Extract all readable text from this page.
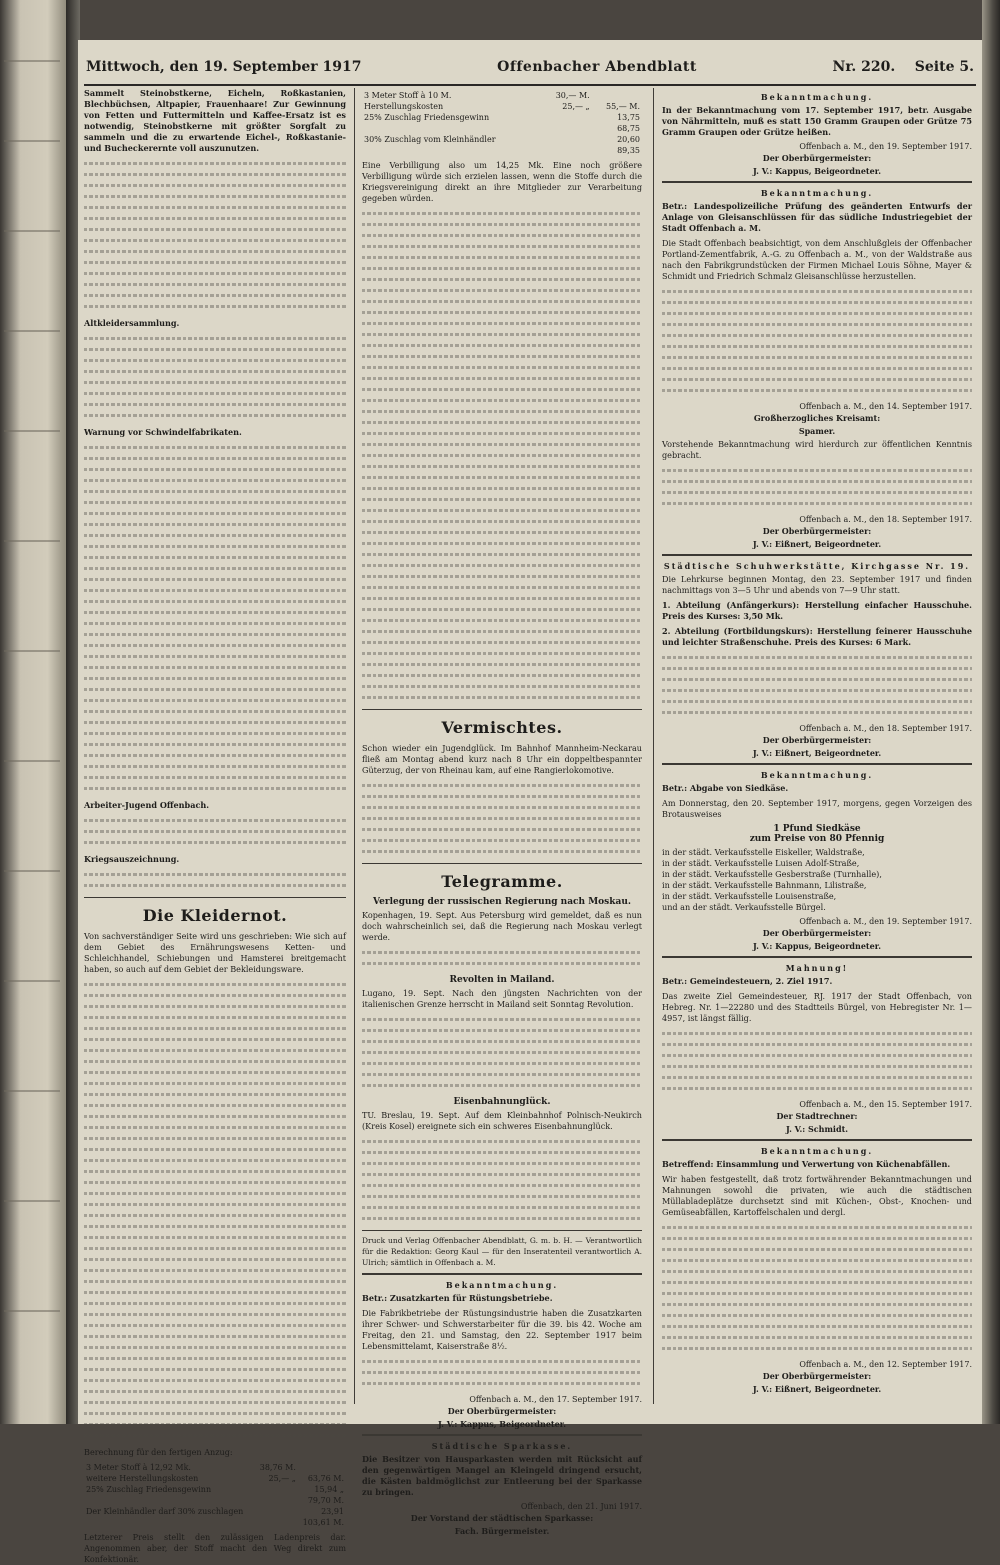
Mittwoch, den 19. September 1917	Offenbacher Abendblatt	Nr. 220. Seite 5.

Sammelt Steinobstkerne, Eicheln, Roßkastanien, Blechbüchsen, Altpapier, Frauenhaare! Zur Gewinnung von Fetten und Futtermitteln und Kaffee-Ersatz ist es notwendig, Steinobstkerne mit größter Sorgfalt zu sammeln und die zu erwartende Eichel-, Roßkastanie- und Bucheckerernte voll auszunutzen.

Altkleidersammlung.

Warnung vor Schwindelfabrikaten.

Arbeiter-Jugend Offenbach.

Kriegsauszeichnung.

Die Kleidernot.

Von sachverständiger Seite wird uns geschrieben: Wie sich auf dem Gebiet des Ernährungswesens Ketten- und Schleichhandel, Schiebungen und Hamsterei breitgemacht haben, so auch auf dem Gebiet der Bekleidungsware.

Berechnung für den fertigen Anzug:

3 Meter Stoff à 12,92 Mk.	38,76 M.	
weitere Herstellungskosten	25,— „	63,76 M.
25% Zuschlag Friedensgewinn		15,94 „
		79,70 M.
Der Kleinhändler darf 30% zuschlagen		23,91
		103,61 M.

Letzterer Preis stellt den zulässigen Ladenpreis dar. Angenommen aber, der Stoff macht den Weg direkt zum Konfektionär.

3 Meter Stoff à 10 M.	30,— M.	
Herstellungskosten	25,— „	55,— M.
25% Zuschlag Friedensgewinn		13,75
		68,75
30% Zuschlag vom Kleinhändler		20,60
		89,35

Eine Verbilligung also um 14,25 Mk. Eine noch größere Verbilligung würde sich erzielen lassen, wenn die Stoffe durch die Kriegsvereinigung direkt an ihre Mitglieder zur Verarbeitung gegeben würden.

Vermischtes.

Schon wieder ein Jugendglück. Im Bahnhof Mannheim-Neckarau fließ am Montag abend kurz nach 8 Uhr ein doppeltbespannter Güterzug, der von Rheinau kam, auf eine Rangierlokomotive.

Telegramme.
Verlegung der russischen Regierung nach Moskau.

Kopenhagen, 19. Sept. Aus Petersburg wird gemeldet, daß es nun doch wahrscheinlich sei, daß die Regierung nach Moskau verlegt werde.

Revolten in Mailand.

Lugano, 19. Sept. Nach den jüngsten Nachrichten von der italienischen Grenze herrscht in Mailand seit Sonntag Revolution.

Eisenbahnunglück.

TU. Breslau, 19. Sept. Auf dem Kleinbahnhof Polnisch-Neukirch (Kreis Kosel) ereignete sich ein schweres Eisenbahnunglück.

Druck und Verlag Offenbacher Abendblatt, G. m. b. H. — Verantwortlich für die Redaktion: Georg Kaul — für den Inseratenteil verantwortlich A. Ulrich; sämtlich in Offenbach a. M.

Bekanntmachung.

Betr.: Zusatzkarten für Rüstungsbetriebe.

Die Fabrikbetriebe der Rüstungsindustrie haben die Zusatzkarten ihrer Schwer- und Schwerstarbeiter für die 39. bis 42. Woche am Freitag, den 21. und Samstag, den 22. September 1917 beim Lebensmittelamt, Kaiserstraße 8½.

Offenbach a. M., den 17. September 1917.
Der Oberbürgermeister:
J. V.: Kappus, Beigeordneter.
Städtische Sparkasse.

Die Besitzer von Hausparkasten werden mit Rücksicht auf den gegenwärtigen Mangel an Kleingeld dringend ersucht, die Kästen baldmöglichst zur Entleerung bei der Sparkasse zu bringen.

Offenbach, den 21. Juni 1917.
Der Vorstand der städtischen Sparkasse:
Fach. Bürgermeister.
Bekanntmachung.

In der Bekanntmachung vom 17. September 1917, betr. Ausgabe von Nährmitteln, muß es statt 150 Gramm Graupen oder Grütze 75 Gramm Graupen oder Grütze heißen.

Offenbach a. M., den 19. September 1917.
Der Oberbürgermeister:
J. V.: Kappus, Beigeordneter.
Bekanntmachung.

Betr.: Landespolizeiliche Prüfung des geänderten Entwurfs der Anlage von Gleisanschlüssen für das südliche Industriegebiet der Stadt Offenbach a. M.

Die Stadt Offenbach beabsichtigt, von dem Anschlußgleis der Offenbacher Portland-Zementfabrik, A.-G. zu Offenbach a. M., von der Waldstraße aus nach den Fabrikgrundstücken der Firmen Michael Louis Söhne, Mayer & Schmidt und Friedrich Schmalz Gleisanschlüsse herzustellen.

Offenbach a. M., den 14. September 1917.
Großherzogliches Kreisamt:
Spamer.

Vorstehende Bekanntmachung wird hierdurch zur öffentlichen Kenntnis gebracht.

Offenbach a. M., den 18. September 1917.
Der Oberbürgermeister:
J. V.: Eißnert, Beigeordneter.
Städtische Schuhwerkstätte, Kirchgasse Nr. 19.

Die Lehrkurse beginnen Montag, den 23. September 1917 und finden nachmittags von 3—5 Uhr und abends von 7—9 Uhr statt.

1. Abteilung (Anfängerkurs): Herstellung einfacher Hausschuhe. Preis des Kurses: 3,50 Mk.

2. Abteilung (Fortbildungskurs): Herstellung feinerer Hausschuhe und leichter Straßenschuhe. Preis des Kurses: 6 Mark.

Offenbach a. M., den 18. September 1917.
Der Oberbürgermeister:
J. V.: Eißnert, Beigeordneter.
Bekanntmachung.

Betr.: Abgabe von Siedkäse.

Am Donnerstag, den 20. September 1917, morgens, gegen Vorzeigen des Brotausweises

1 Pfund Siedkäse
zum Preise von 80 Pfennig

in der städt. Verkaufsstelle Eiskeller, Waldstraße,

in der städt. Verkaufsstelle Luisen Adolf-Straße,

in der städt. Verkaufsstelle Gesberstraße (Turnhalle),

in der städt. Verkaufsstelle Bahnmann, Lilistraße,

in der städt. Verkaufsstelle Louisenstraße,

und an der städt. Verkaufsstelle Bürgel.

Offenbach a. M., den 19. September 1917.
Der Oberbürgermeister:
J. V.: Kappus, Beigeordneter.
Mahnung!

Betr.: Gemeindesteuern, 2. Ziel 1917.

Das zweite Ziel Gemeindesteuer, RJ. 1917 der Stadt Offenbach, von Hebreg. Nr. 1—22280 und des Stadtteils Bürgel, von Hebregister Nr. 1—4957, ist längst fällig.

Offenbach a. M., den 15. September 1917.
Der Stadtrechner:
J. V.: Schmidt.
Bekanntmachung.

Betreffend: Einsammlung und Verwertung von Küchenabfällen.

Wir haben festgestellt, daß trotz fortwährender Bekanntmachungen und Mahnungen sowohl die privaten, wie auch die städtischen Müllabladeplätze durchsetzt sind mit Küchen-, Obst-, Knochen- und Gemüseabfällen, Kartoffelschalen und dergl.

Offenbach a. M., den 12. September 1917.
Der Oberbürgermeister:
J. V.: Eißnert, Beigeordneter.
